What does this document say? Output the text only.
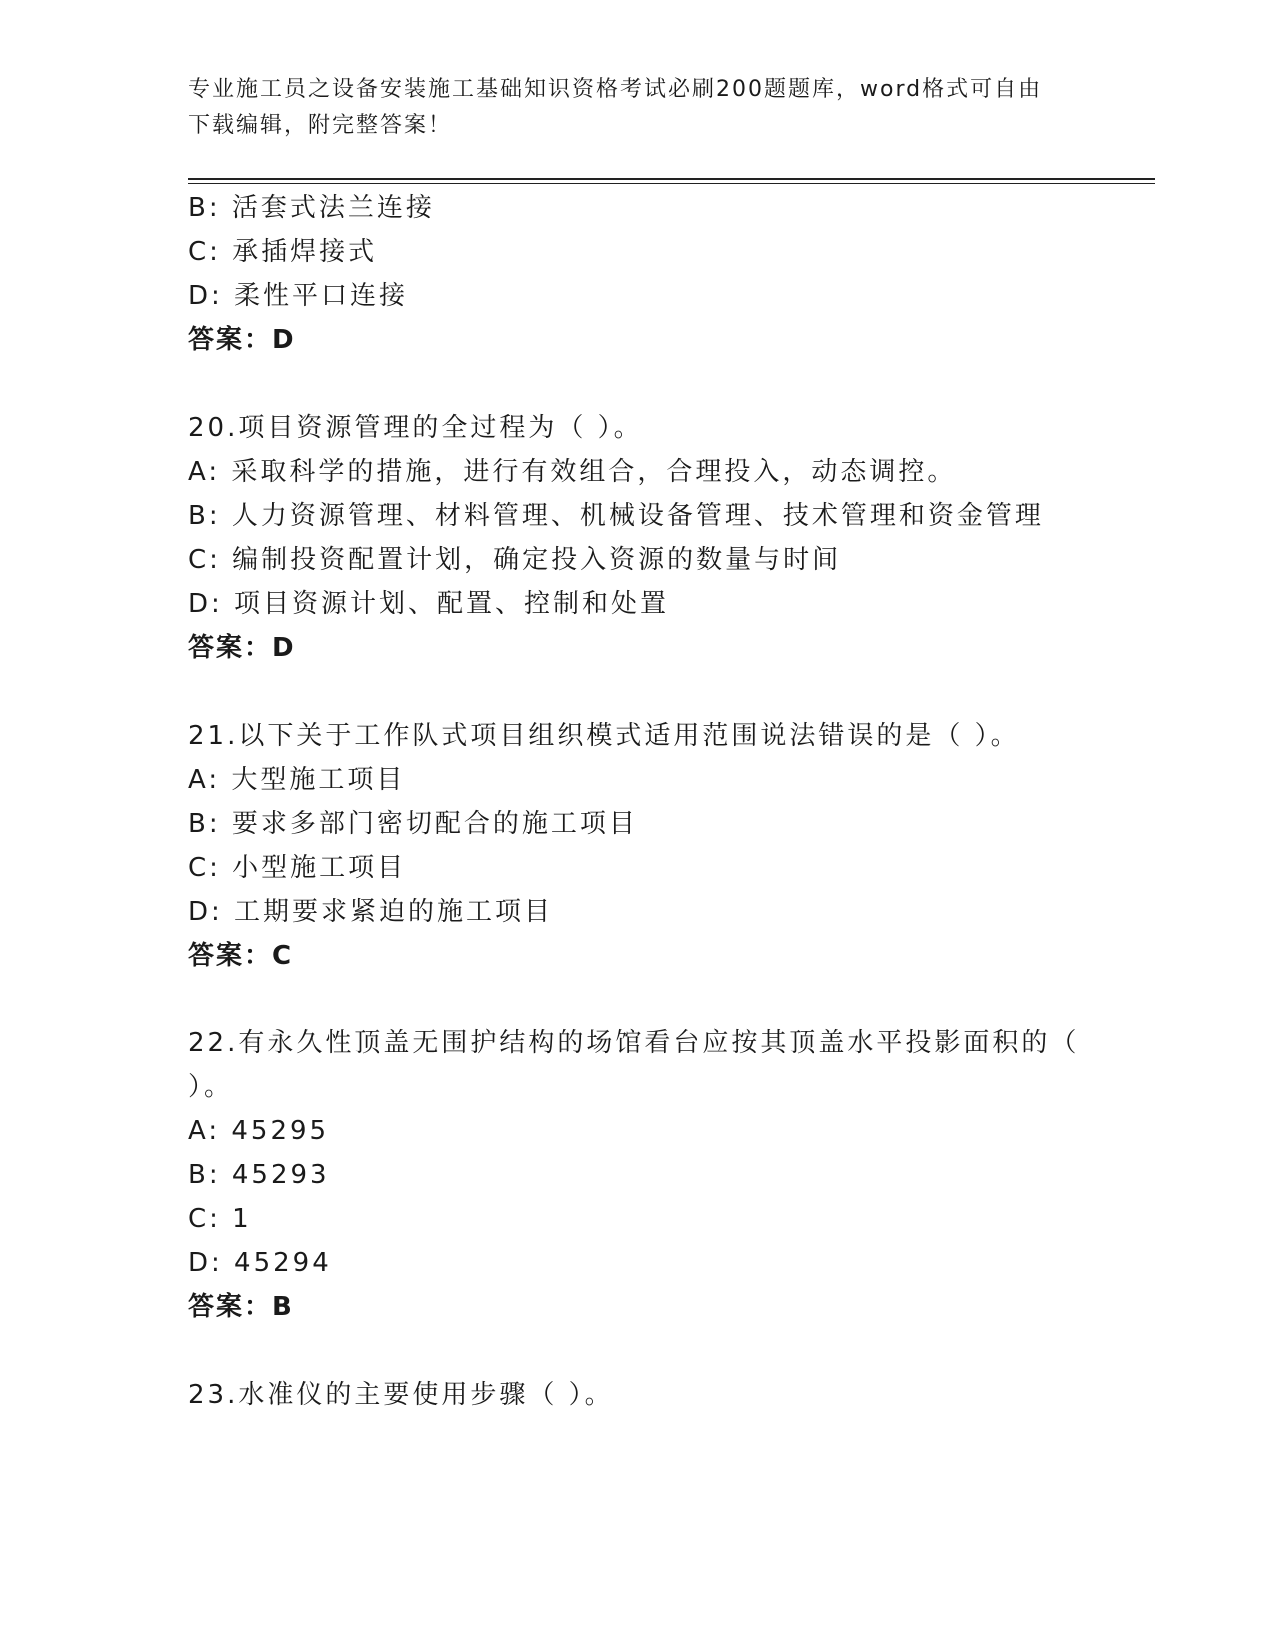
专业施工员之设备安装施工基础知识资格考试必刷200题题库，word格式可自由
下载编辑，附完整答案！
B: 活套式法兰连接
C: 承插焊接式
D: 柔性平口连接
答案：D
20.项目资源管理的全过程为（ ）。
A: 采取科学的措施，进行有效组合，合理投入，动态调控。
B: 人力资源管理、材料管理、机械设备管理、技术管理和资金管理
C: 编制投资配置计划，确定投入资源的数量与时间
D: 项目资源计划、配置、控制和处置
答案：D
21.以下关于工作队式项目组织模式适用范围说法错误的是（ ）。
A: 大型施工项目
B: 要求多部门密切配合的施工项目
C: 小型施工项目
D: 工期要求紧迫的施工项目
答案：C
22.有永久性顶盖无围护结构的场馆看台应按其顶盖水平投影面积的（
）。
A: 45295
B: 45293
C: 1
D: 45294
答案：B
23.水准仪的主要使用步骤（ ）。
